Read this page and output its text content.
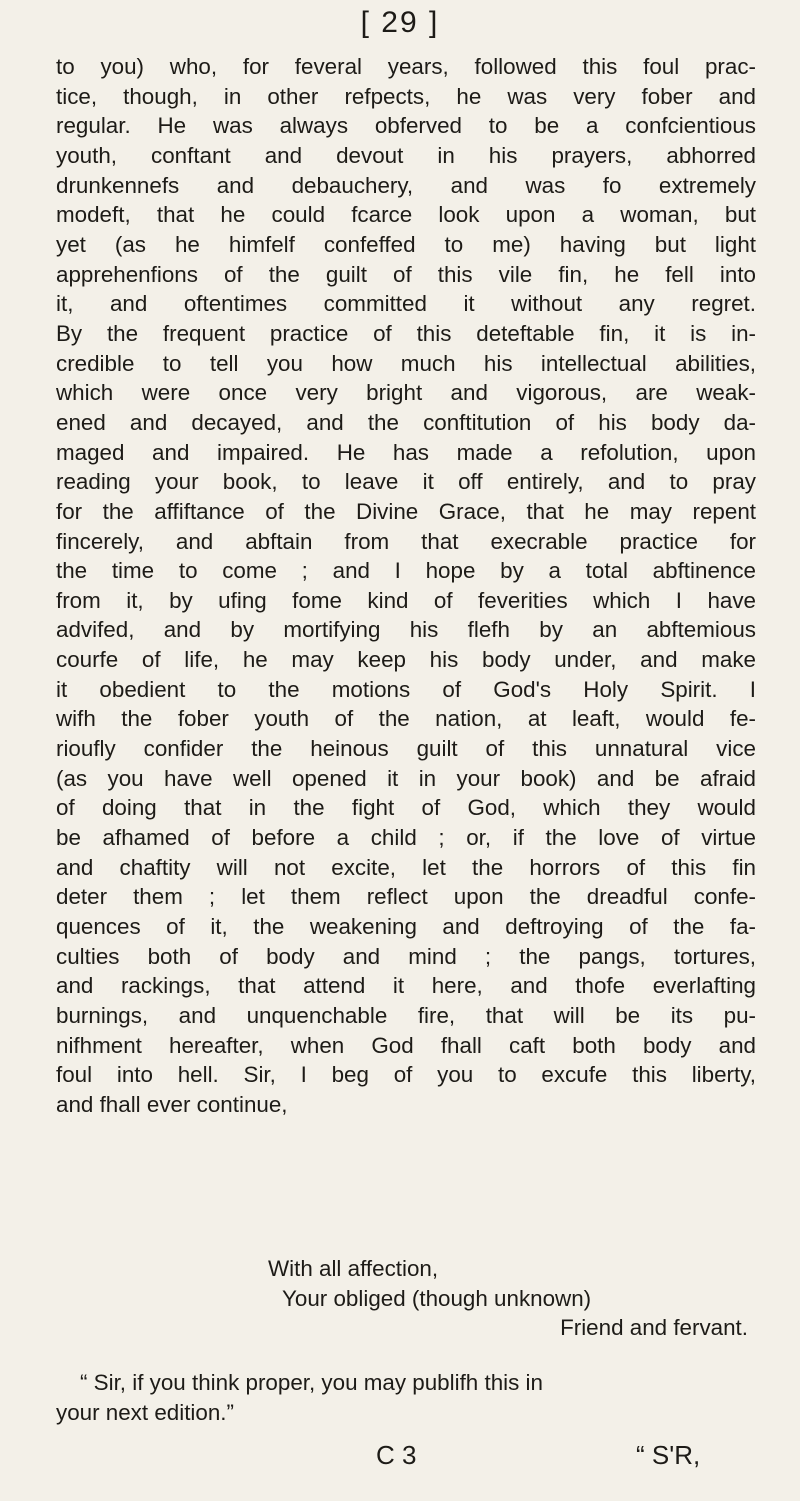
[ 29 ]
to you) who, for feveral years, followed this foul prac-
tice, though, in other refpects, he was very fober and
regular. He was always obferved to be a confcientious
youth, conftant and devout in his prayers, abhorred
drunkennefs and debauchery, and was fo extremely
modeft, that he could fcarce look upon a woman, but
yet (as he himfelf confeffed to me) having but light
apprehenfions of the guilt of this vile fin, he fell into
it, and oftentimes committed it without any regret.
By the frequent practice of this deteftable fin, it is in-
credible to tell you how much his intellectual abilities,
which were once very bright and vigorous, are weak-
ened and decayed, and the conftitution of his body da-
maged and impaired. He has made a refolution, upon
reading your book, to leave it off entirely, and to pray
for the affiftance of the Divine Grace, that he may repent
fincerely, and abftain from that execrable practice for
the time to come ; and I hope by a total abftinence
from it, by ufing fome kind of feverities which I have
advifed, and by mortifying his flefh by an abftemious
courfe of life, he may keep his body under, and make
it obedient to the motions of God's Holy Spirit. I
wifh the fober youth of the nation, at leaft, would fe-
rioufly confider the heinous guilt of this unnatural vice
(as you have well opened it in your book) and be afraid
of doing that in the fight of God, which they would
be afhamed of before a child ; or, if the love of virtue
and chaftity will not excite, let the horrors of this fin
deter them ; let them reflect upon the dreadful confe-
quences of it, the weakening and deftroying of the fa-
culties both of body and mind ; the pangs, tortures,
and rackings, that attend it here, and thofe everlafting
burnings, and unquenchable fire, that will be its pu-
nifhment hereafter, when God fhall caft both body and
foul into hell. Sir, I beg of you to excufe this liberty,
and fhall ever continue,
With all affection,
Your obliged (though unknown)
Friend and fervant.
“ Sir, if you think proper, you may publifh this in
your next edition.”
C 3	“ S'R,
